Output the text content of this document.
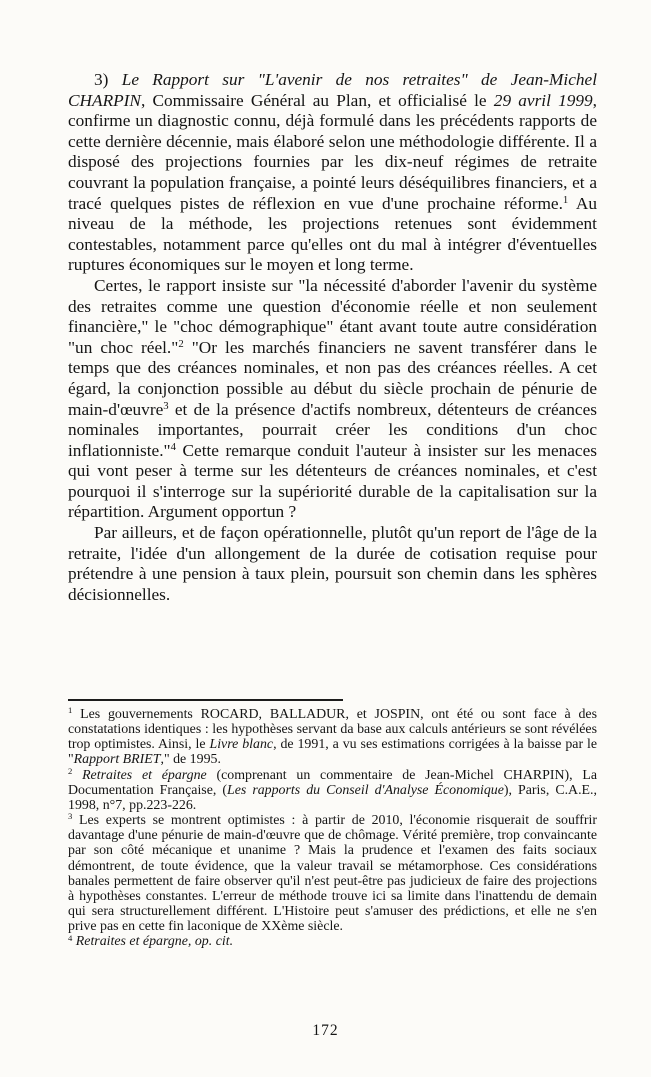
3) Le Rapport sur "L'avenir de nos retraites" de Jean-Michel CHARPIN, Commissaire Général au Plan, et officialisé le 29 avril 1999, confirme un diagnostic connu, déjà formulé dans les précédents rapports de cette dernière décennie, mais élaboré selon une méthodologie différente. Il a disposé des projections fournies par les dix-neuf régimes de retraite couvrant la population française, a pointé leurs déséquilibres financiers, et a tracé quelques pistes de réflexion en vue d'une prochaine réforme.$^1$ Au niveau de la méthode, les projections retenues sont évidemment contestables, notamment parce qu'elles ont du mal à intégrer d'éventuelles ruptures économiques sur le moyen et long terme.

Certes, le rapport insiste sur "la nécessité d'aborder l'avenir du système des retraites comme une question d'économie réelle et non seulement financière," le "choc démographique" étant avant toute autre considération "un choc réel."$^2$ "Or les marchés financiers ne savent transférer dans le temps que des créances nominales, et non pas des créances réelles. A cet égard, la conjonction possible au début du siècle prochain de pénurie de main-d'œuvre$^3$ et de la présence d'actifs nombreux, détenteurs de créances nominales importantes, pourrait créer les conditions d'un choc inflationniste."$^4$ Cette remarque conduit l'auteur à insister sur les menaces qui vont peser à terme sur les détenteurs de créances nominales, et c'est pourquoi il s'interroge sur la supériorité durable de la capitalisation sur la répartition. Argument opportun ?

Par ailleurs, et de façon opérationnelle, plutôt qu'un report de l'âge de la retraite, l'idée d'un allongement de la durée de cotisation requise pour prétendre à une pension à taux plein, poursuit son chemin dans les sphères décisionnelles.

$^1$ Les gouvernements ROCARD, BALLADUR, et JOSPIN, ont été ou sont face à des constatations identiques : les hypothèses servant da base aux calculs antérieurs se sont révélées trop optimistes. Ainsi, le Livre blanc, de 1991, a vu ses estimations corrigées à la baisse par le "Rapport BRIET," de 1995.

$^2$ Retraites et épargne (comprenant un commentaire de Jean-Michel CHARPIN), La Documentation Française, (Les rapports du Conseil d'Analyse Économique), Paris, C.A.E., 1998, n°7, pp.223-226.

$^3$ Les experts se montrent optimistes : à partir de 2010, l'économie risquerait de souffrir davantage d'une pénurie de main-d'œuvre que de chômage. Vérité première, trop convaincante par son côté mécanique et unanime ? Mais la prudence et l'examen des faits sociaux démontrent, de toute évidence, que la valeur travail se métamorphose. Ces considérations banales permettent de faire observer qu'il n'est peut-être pas judicieux de faire des projections à hypothèses constantes. L'erreur de méthode trouve ici sa limite dans l'inattendu de demain qui sera structurellement différent. L'Histoire peut s'amuser des prédictions, et elle ne s'en prive pas en cette fin laconique de XXème siècle.

$^4$ Retraites et épargne, op. cit.

172
